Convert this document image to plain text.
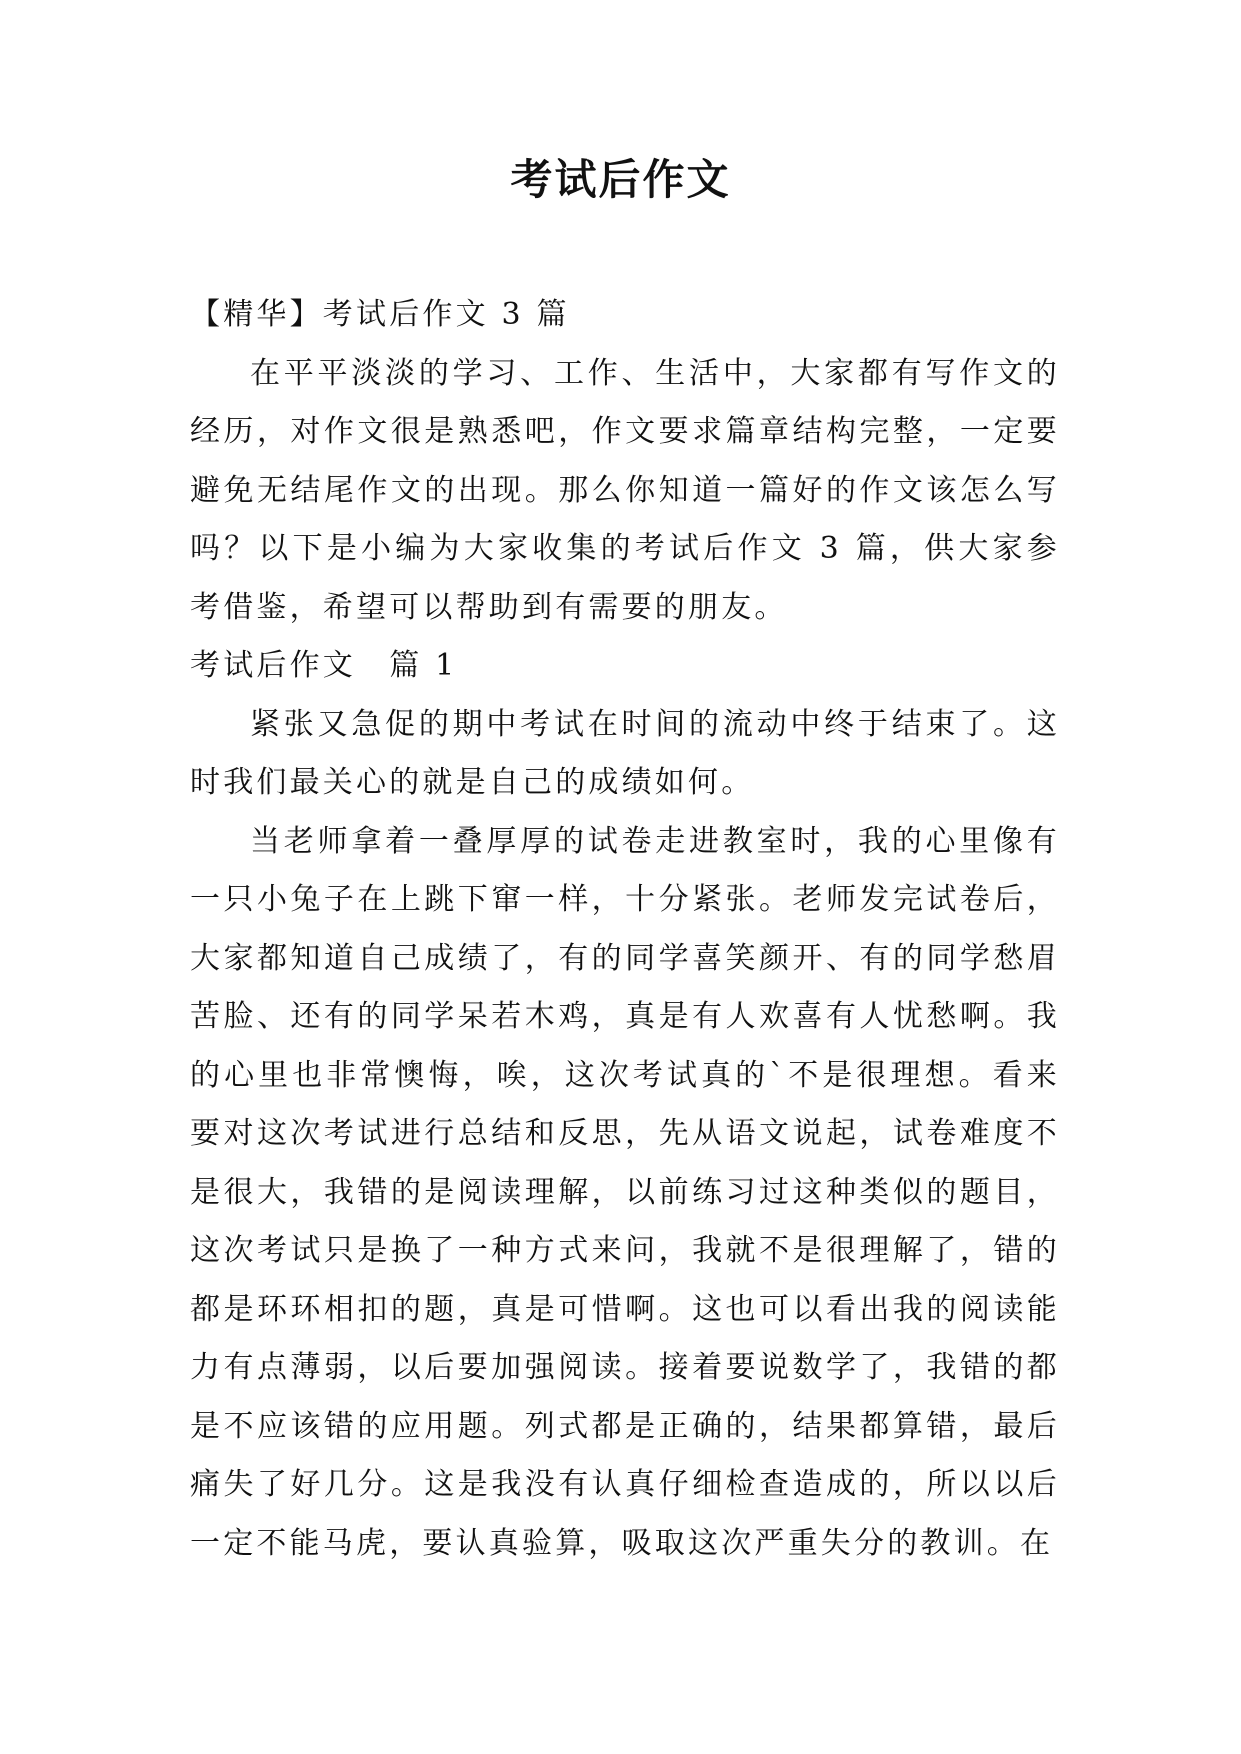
考试后作文

【精华】考试后作文 3 篇

在平平淡淡的学习、工作、生活中，大家都有写作文的经历，对作文很是熟悉吧，作文要求篇章结构完整，一定要避免无结尾作文的出现。那么你知道一篇好的作文该怎么写吗？以下是小编为大家收集的考试后作文 3 篇，供大家参考借鉴，希望可以帮助到有需要的朋友。

考试后作文　篇 1

紧张又急促的期中考试在时间的流动中终于结束了。这时我们最关心的就是自己的成绩如何。

当老师拿着一叠厚厚的试卷走进教室时，我的心里像有一只小兔子在上跳下窜一样，十分紧张。老师发完试卷后，大家都知道自己成绩了，有的同学喜笑颜开、有的同学愁眉苦脸、还有的同学呆若木鸡，真是有人欢喜有人忧愁啊。我的心里也非常懊悔，唉，这次考试真的`不是很理想。看来要对这次考试进行总结和反思，先从语文说起，试卷难度不是很大，我错的是阅读理解，以前练习过这种类似的题目，这次考试只是换了一种方式来问，我就不是很理解了，错的都是环环相扣的题，真是可惜啊。这也可以看出我的阅读能力有点薄弱，以后要加强阅读。接着要说数学了，我错的都是不应该错的应用题。列式都是正确的，结果都算错，最后痛失了好几分。这是我没有认真仔细检查造成的，所以以后一定不能马虎，要认真验算，吸取这次严重失分的教训。在
